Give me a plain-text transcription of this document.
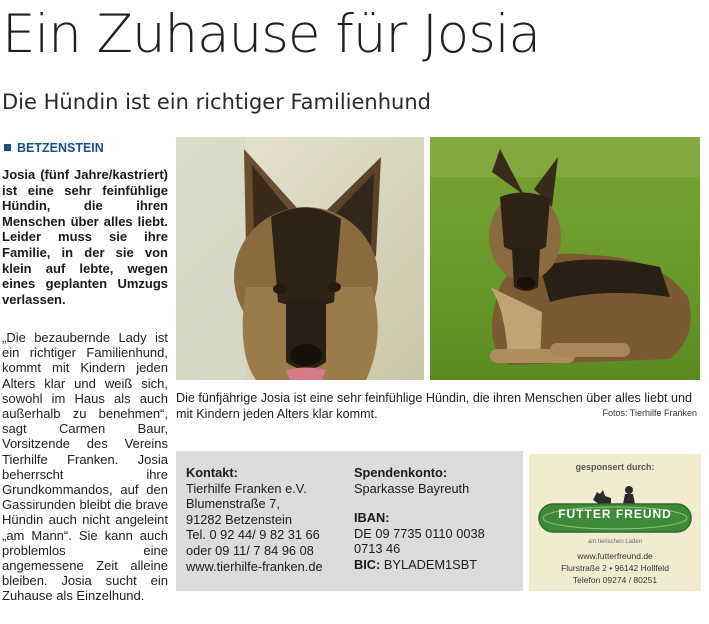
Ein Zuhause für Josia
Die Hündin ist ein richtiger Familienhund
BETZENSTEIN
Josia (fünf Jahre/kastriert) ist eine sehr feinfühlige Hündin, die ihren Menschen über alles liebt. Leider muss sie ihre Familie, in der sie von klein auf lebte, wegen eines geplanten Umzugs verlassen.
„Die bezaubernde Lady ist ein richtiger Familienhund, kommt mit Kindern jeden Alters klar und weiß sich, sowohl im Haus als auch außerhalb zu benehmen“, sagt Carmen Baur, Vorsitzende des Vereins Tierhilfe Franken. Josia beherrscht ihre Grundkommandos, auf den Gassirunden bleibt die brave Hündin auch nicht angeleint „am Mann“. Sie kann auch problemlos eine angemessene Zeit alleine bleiben. Josia sucht ein Zuhause als Einzelhund.
Die fünfjährige Josia ist eine sehr feinfühlige Hündin, die ihren Menschen über alles liebt und mit Kindern jeden Alters klar kommt.	Fotos: Tierhilfe Franken
Kontakt:
Tierhilfe Franken e.V.
Blumenstraße 7,
91282 Betzenstein
Tel. 0 92 44/ 9 82 31 66
oder 09 11/ 7 84 96 08
www.tierhilfe-franken.de
Spendenkonto:
Sparkasse Bayreuth
IBAN:
DE 09 7735 0110 0038
0713 46
BIC: BYLADEM1SBT
gesponsert durch:
FUTTER FREUND
am tierischen Laden
www.futterfreund.de
Flurstraße 2 • 96142 Hollfeld
Telefon 09274 / 80251
